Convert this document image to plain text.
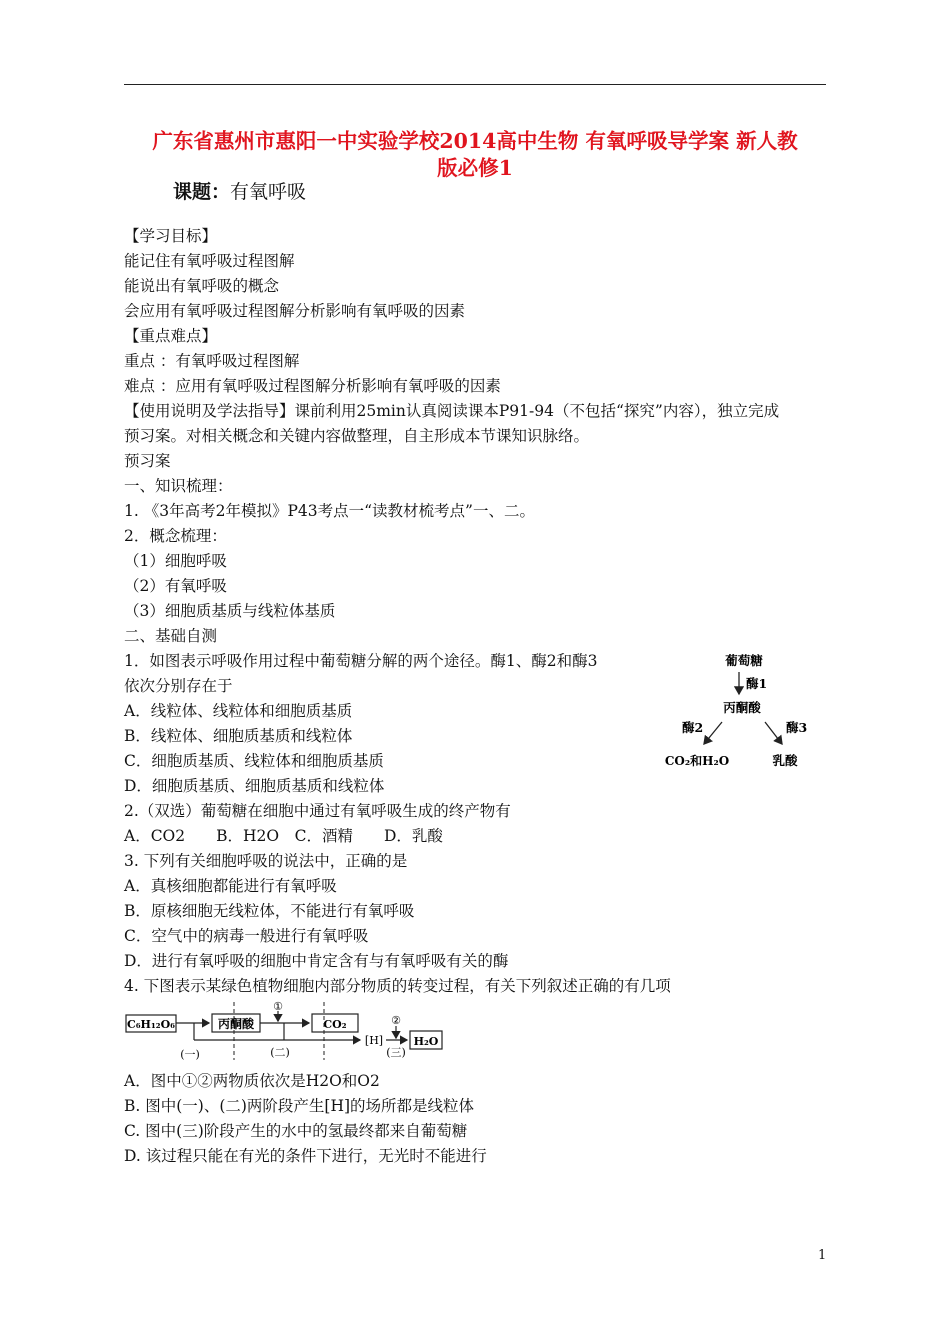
广东省惠州市惠阳一中实验学校2014高中生物 有氧呼吸导学案 新人教
版必修1
课题：有氧呼吸
【学习目标】
能记住有氧呼吸过程图解
能说出有氧呼吸的概念
会应用有氧呼吸过程图解分析影响有氧呼吸的因素
【重点难点】
重点 ：有氧呼吸过程图解
难点 ：应用有氧呼吸过程图解分析影响有氧呼吸的因素
【使用说明及学法指导】课前利用25min认真阅读课本P91-94（不包括“探究”内容），独立完成
预习案。对相关概念和关键内容做整理，自主形成本节课知识脉络。
预习案
一、知识梳理：
1. 《3年高考2年模拟》P43考点一“读教材梳考点”一、二。
2．概念梳理：
（1）细胞呼吸
（2）有氧呼吸
（3）细胞质基质与线粒体基质
二、基础自测
1．如图表示呼吸作用过程中葡萄糖分解的两个途径。酶1、酶2和酶3
依次分别存在于
A．线粒体、线粒体和细胞质基质
B．线粒体、细胞质基质和线粒体
C．细胞质基质、线粒体和细胞质基质
D．细胞质基质、细胞质基质和线粒体
2.（双选）葡萄糖在细胞中通过有氧呼吸生成的终产物有
A．CO2　　B．H2O　C．酒精　　D．乳酸
3. 下列有关细胞呼吸的说法中，正确的是
A．真核细胞都能进行有氧呼吸
B．原核细胞无线粒体，不能进行有氧呼吸
C．空气中的病毒一般进行有氧呼吸
D．进行有氧呼吸的细胞中肯定含有与有氧呼吸有关的酶
4. 下图表示某绿色植物细胞内部分物质的转变过程，有关下列叙述正确的有几项
A．图中①②两物质依次是H2O和O2
B. 图中(一)、(二)两阶段产生[H]的场所都是线粒体
C. 图中(三)阶段产生的水中的氢最终都来自葡萄糖
D. 该过程只能在有光的条件下进行，无光时不能进行
葡萄糖
酶1
丙酮酸
酶2	酶3
CO₂和H₂O	乳酸
C₆H₁₂O₆	丙酮酸
①
CO₂
[H]
②
H₂O
(一)	(二)	(三)
1
